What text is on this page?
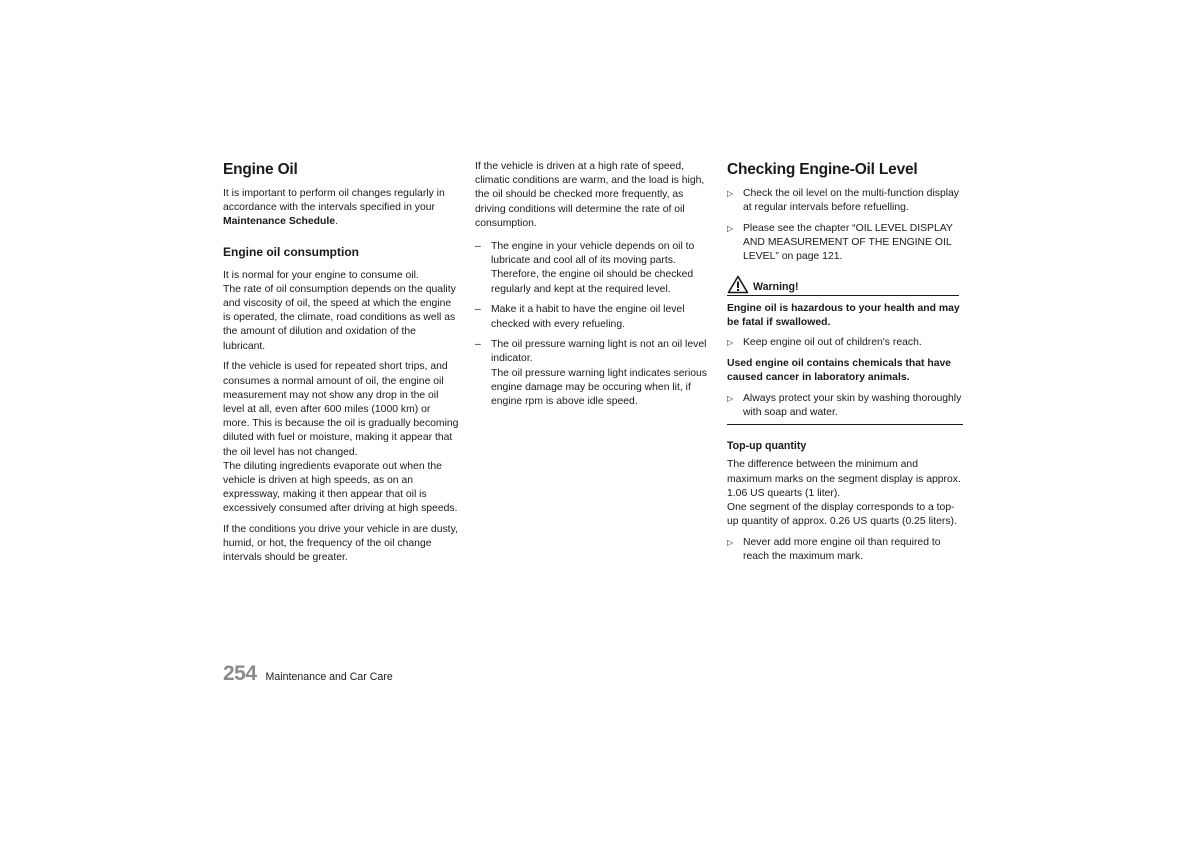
Engine Oil

It is important to perform oil changes regularly in accordance with the intervals specified in your Maintenance Schedule.

Engine oil consumption

It is normal for your engine to consume oil.
The rate of oil consumption depends on the quality and viscosity of oil, the speed at which the engine is operated, the climate, road conditions as well as the amount of dilution and oxidation of the lubricant.

If the vehicle is used for repeated short trips, and consumes a normal amount of oil, the engine oil measurement may not show any drop in the oil level at all, even after 600 miles (1000 km) or more. This is because the oil is gradually becoming diluted with fuel or moisture, making it appear that the oil level has not changed.
The diluting ingredients evaporate out when the vehicle is driven at high speeds, as on an expressway, making it then appear that oil is excessively consumed after driving at high speeds.

If the conditions you drive your vehicle in are dusty, humid, or hot, the frequency of the oil change intervals should be greater.

If the vehicle is driven at a high rate of speed, climatic conditions are warm, and the load is high, the oil should be checked more frequently, as driving conditions will determine the rate of oil consumption.

– The engine in your vehicle depends on oil to lubricate and cool all of its moving parts. Therefore, the engine oil should be checked regularly and kept at the required level.
– Make it a habit to have the engine oil level checked with every refueling.
– The oil pressure warning light is not an oil level indicator.
The oil pressure warning light indicates serious engine damage may be occuring when lit, if engine rpm is above idle speed.
Checking Engine-Oil Level
▷ Check the oil level on the multi-function display at regular intervals before refuelling.
▷ Please see the chapter “OIL LEVEL DISPLAY AND MEASUREMENT OF THE ENGINE OIL LEVEL” on page 121.
Warning!

Engine oil is hazardous to your health and may be fatal if swallowed.

▷ Keep engine oil out of children's reach.

Used engine oil contains chemicals that have caused cancer in laboratory animals.

▷ Always protect your skin by washing thoroughly with soap and water.
Top-up quantity

The difference between the minimum and maximum marks on the segment display is approx. 1.06 US quearts (1 liter).
One segment of the display corresponds to a top-up quantity of approx. 0.26 US quarts (0.25 liters).

▷ Never add more engine oil than required to reach the maximum mark.
254 Maintenance and Car Care
